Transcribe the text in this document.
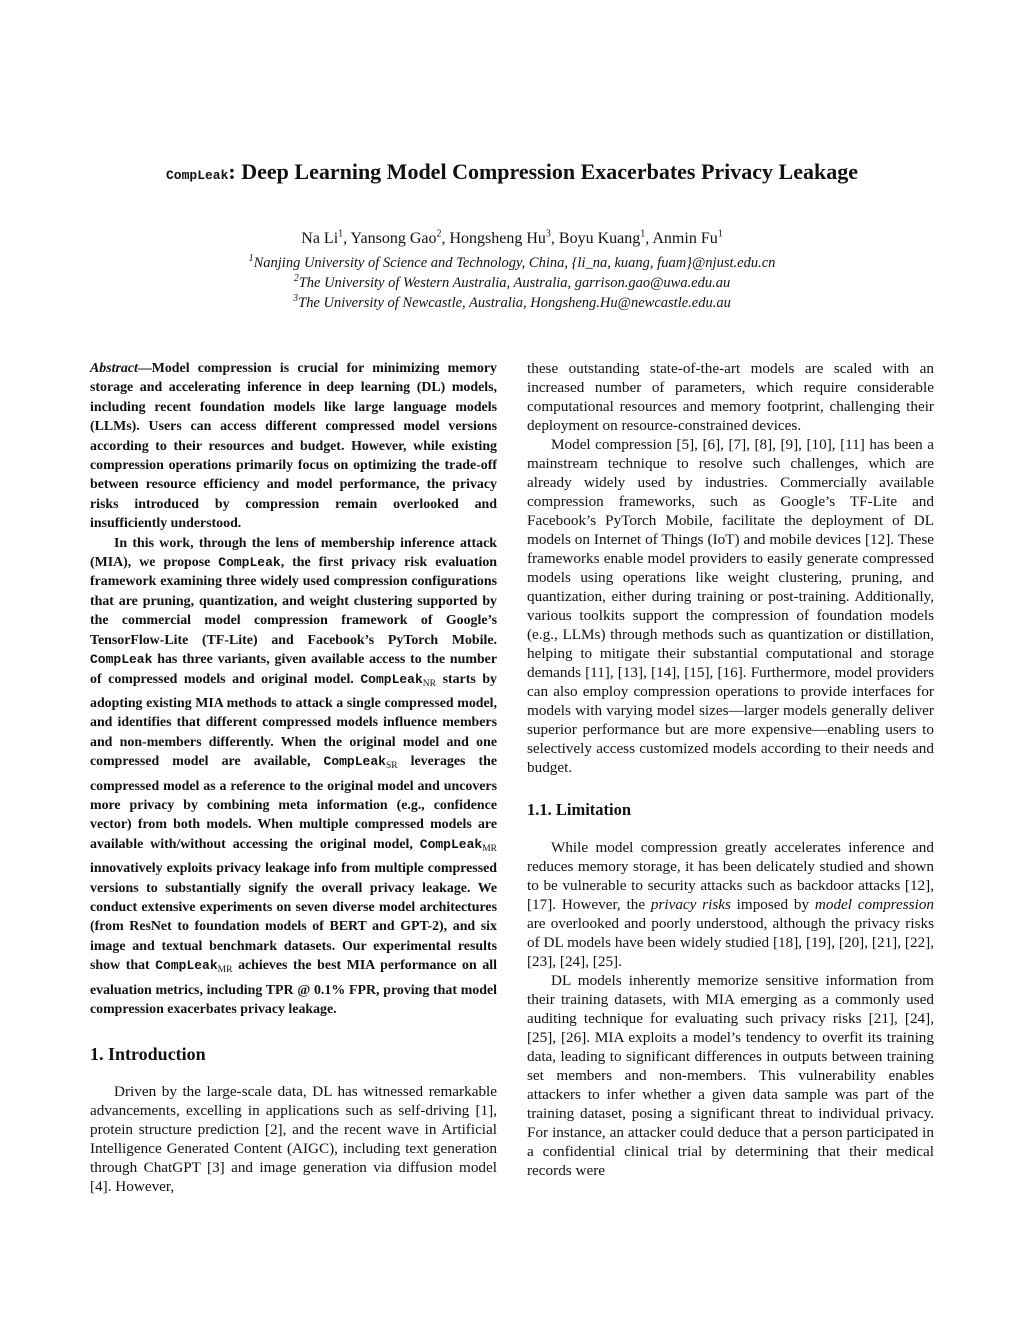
CompLeak: Deep Learning Model Compression Exacerbates Privacy Leakage
Na Li$^1$, Yansong Gao$^2$, Hongsheng Hu$^3$, Boyu Kuang$^1$, Anmin Fu$^1$
$^1$Nanjing University of Science and Technology, China, {li_na, kuang, fuam}@njust.edu.cn
$^2$The University of Western Australia, Australia, garrison.gao@uwa.edu.au
$^3$The University of Newcastle, Australia, Hongsheng.Hu@newcastle.edu.au

Abstract—Model compression is crucial for minimizing memory storage and accelerating inference in deep learning (DL) models, including recent foundation models like large language models (LLMs). Users can access different compressed model versions according to their resources and budget. However, while existing compression operations primarily focus on optimizing the trade-off between resource efficiency and model performance, the privacy risks introduced by compression remain overlooked and insufficiently understood.

In this work, through the lens of membership inference attack (MIA), we propose CompLeak, the first privacy risk evaluation framework examining three widely used compression configurations that are pruning, quantization, and weight clustering supported by the commercial model compression framework of Google’s TensorFlow-Lite (TF-Lite) and Facebook’s PyTorch Mobile. CompLeak has three variants, given available access to the number of compressed models and original model. CompLeak$_{NR}$ starts by adopting existing MIA methods to attack a single compressed model, and identifies that different compressed models influence members and non-members differently. When the original model and one compressed model are available, CompLeak$_{SR}$ leverages the compressed model as a reference to the original model and uncovers more privacy by combining meta information (e.g., confidence vector) from both models. When multiple compressed models are available with/without accessing the original model, CompLeak$_{MR}$ innovatively exploits privacy leakage info from multiple compressed versions to substantially signify the overall privacy leakage. We conduct extensive experiments on seven diverse model architectures (from ResNet to foundation models of BERT and GPT-2), and six image and textual benchmark datasets. Our experimental results show that CompLeak$_{MR}$ achieves the best MIA performance on all evaluation metrics, including TPR @ 0.1% FPR, proving that model compression exacerbates privacy leakage.

1. Introduction

Driven by the large-scale data, DL has witnessed remarkable advancements, excelling in applications such as self-driving [1], protein structure prediction [2], and the recent wave in Artificial Intelligence Generated Content (AIGC), including text generation through ChatGPT [3] and image generation via diffusion model [4]. However,

these outstanding state-of-the-art models are scaled with an increased number of parameters, which require considerable computational resources and memory footprint, challenging their deployment on resource-constrained devices.

Model compression [5], [6], [7], [8], [9], [10], [11] has been a mainstream technique to resolve such challenges, which are already widely used by industries. Commercially available compression frameworks, such as Google’s TF-Lite and Facebook’s PyTorch Mobile, facilitate the deployment of DL models on Internet of Things (IoT) and mobile devices [12]. These frameworks enable model providers to easily generate compressed models using operations like weight clustering, pruning, and quantization, either during training or post-training. Additionally, various toolkits support the compression of foundation models (e.g., LLMs) through methods such as quantization or distillation, helping to mitigate their substantial computational and storage demands [11], [13], [14], [15], [16]. Furthermore, model providers can also employ compression operations to provide interfaces for models with varying model sizes—larger models generally deliver superior performance but are more expensive—enabling users to selectively access customized models according to their needs and budget.

1.1. Limitation

While model compression greatly accelerates inference and reduces memory storage, it has been delicately studied and shown to be vulnerable to security attacks such as backdoor attacks [12], [17]. However, the privacy risks imposed by model compression are overlooked and poorly understood, although the privacy risks of DL models have been widely studied [18], [19], [20], [21], [22], [23], [24], [25].

DL models inherently memorize sensitive information from their training datasets, with MIA emerging as a commonly used auditing technique for evaluating such privacy risks [21], [24], [25], [26]. MIA exploits a model’s tendency to overfit its training data, leading to significant differences in outputs between training set members and non-members. This vulnerability enables attackers to infer whether a given data sample was part of the training dataset, posing a significant threat to individual privacy. For instance, an attacker could deduce that a person participated in a confidential clinical trial by determining that their medical records were
